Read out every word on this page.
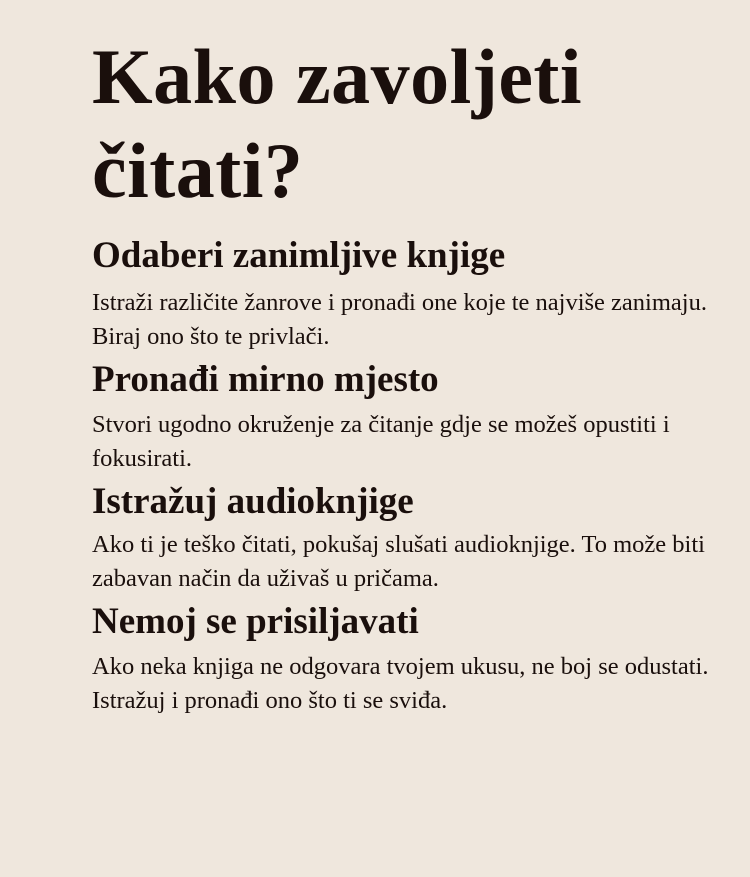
Kako zavoljeti
čitati?
Odaberi zanimljive knjige

Istraži različite žanrove i pronađi one koje te najviše zanimaju. Biraj ono što te privlači.

Pronađi mirno mjesto

Stvori ugodno okruženje za čitanje gdje se možeš opustiti i fokusirati.

Istražuj audioknjige

Ako ti je teško čitati, pokušaj slušati audioknjige. To može biti zabavan način da uživaš u pričama.

Nemoj se prisiljavati

Ako neka knjiga ne odgovara tvojem ukusu, ne boj se odustati. Istražuj i pronađi ono što ti se sviđa.
